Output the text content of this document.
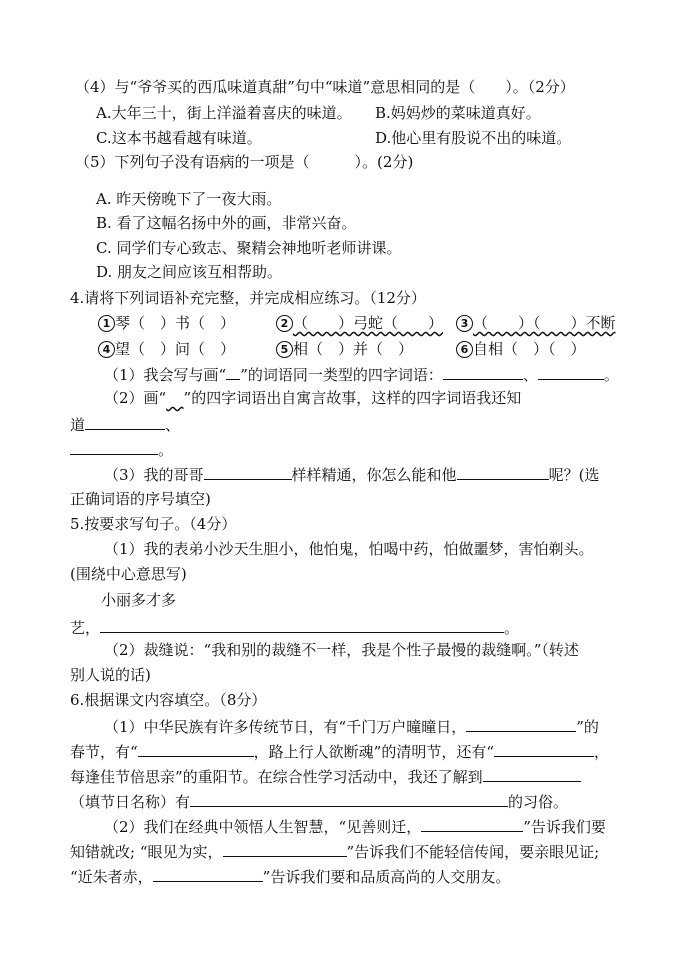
（4）与“爷爷买的西瓜味道真甜”句中“味道”意思相同的是（　　）。（2分）
A.大年三十，街上洋溢着喜庆的味道。 B.妈妈炒的菜味道真好。
C.这本书越看越有味道。	D.他心里有股说不出的味道。
（5）下列句子没有语病的一项是（　　　）。(2分)
A. 昨天傍晚下了一夜大雨。
B. 看了这幅名扬中外的画，非常兴奋。
C. 同学们专心致志、聚精会神地听老师讲课。
D. 朋友之间应该互相帮助。
4.请将下列词语补充完整，并完成相应练习。（12分）
1 琴（　）书（　）	2 （　　）弓蛇（　　）	3 （　　）（　　）不断
4 望（　）问（　）	5 相（　）并（　）	6 自相（　）（　）
（1）我会写与画“ ”的词语同一类型的四字词语：	、	。
（2）画“ ”的四字词语出自寓言故事，这样的四字词语我还知
道	、
。
（3）我的哥哥	样样精通，你怎么能和他	呢？(选
正确词语的序号填空)
5.按要求写句子。（4分）
（1）我的表弟小沙天生胆小，他怕鬼，怕喝中药，怕做噩梦，害怕剃头。
(围绕中心意思写)
小丽多才多
艺，	。
（2）裁缝说：“我和别的裁缝不一样，我是个性子最慢的裁缝啊。”（转述
别人说的话)
6.根据课文内容填空。（8分）
（1）中华民族有许多传统节日，有“千门万户曈曈日，	”的
春节，有“	，路上行人欲断魂”的清明节，还有“	，
每逢佳节倍思亲”的重阳节。在综合性学习活动中，我还了解到
（填节日名称）有	的习俗。
（2）我们在经典中领悟人生智慧，“见善则迁，	”告诉我们要
知错就改; “眼见为实，	”告诉我们不能轻信传闻，要亲眼见证;
“近朱者赤，	”告诉我们要和品质高尚的人交朋友。
